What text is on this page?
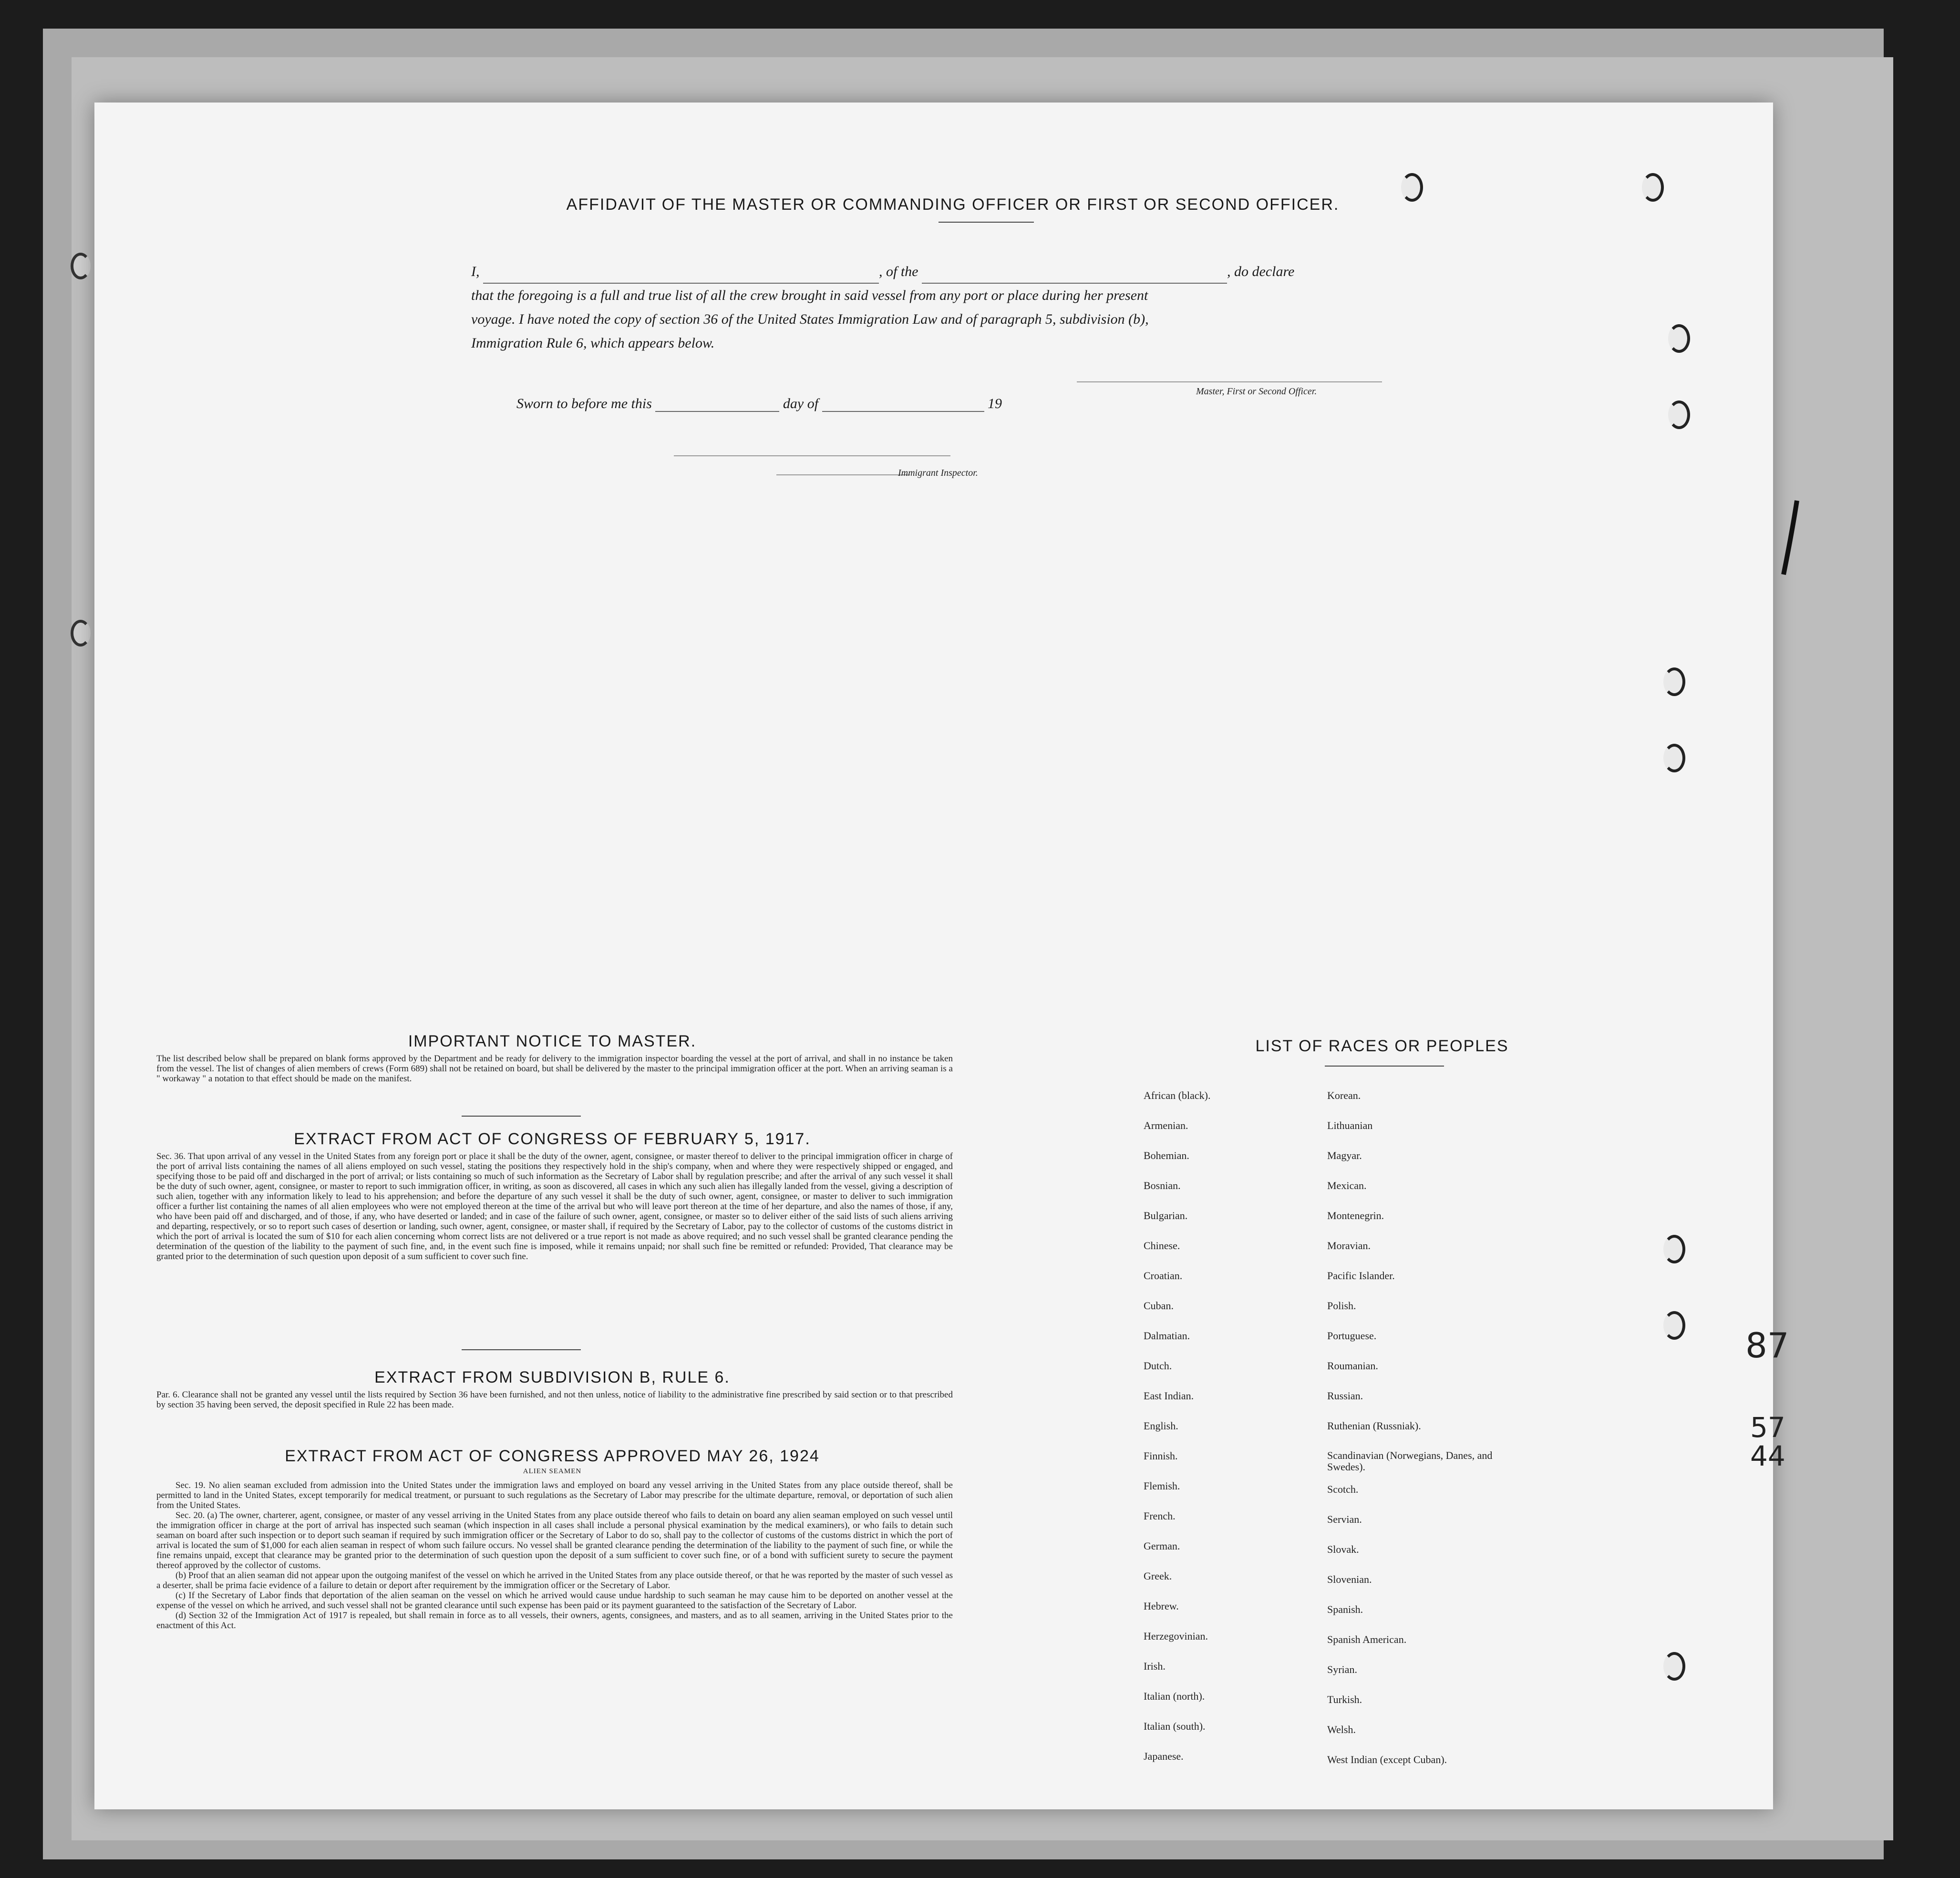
AFFIDAVIT OF THE MASTER OR COMMANDING OFFICER OR FIRST OR SECOND OFFICER.
I,	, of the	, do declare
that the foregoing is a full and true list of all the crew brought in said vessel from any port or place during her present
voyage. I have noted the copy of section 36 of the United States Immigration Law and of paragraph 5, subdivision (b),
Immigration Rule 6, which appears below.
Master, First or Second Officer.
Sworn to before me this	day of	19
Immigrant Inspector.
IMPORTANT NOTICE TO MASTER.
The list described below shall be prepared on blank forms approved by the Department and be ready for delivery to the immigration inspector boarding the vessel at the port of arrival, and shall in no instance be taken from the vessel. The list of changes of alien members of crews (Form 689) shall not be retained on board, but shall be delivered by the master to the principal immigration officer at the port. When an arriving seaman is a " workaway " a notation to that effect should be made on the manifest.
EXTRACT FROM ACT OF CONGRESS OF FEBRUARY 5, 1917.
Sec. 36. That upon arrival of any vessel in the United States from any foreign port or place it shall be the duty of the owner, agent, consignee, or master thereof to deliver to the principal immigration officer in charge of the port of arrival lists containing the names of all aliens employed on such vessel, stating the positions they respectively hold in the ship's company, when and where they were respectively shipped or engaged, and specifying those to be paid off and discharged in the port of arrival; or lists containing so much of such information as the Secretary of Labor shall by regulation prescribe; and after the arrival of any such vessel it shall be the duty of such owner, agent, consignee, or master to report to such immigration officer, in writing, as soon as discovered, all cases in which any such alien has illegally landed from the vessel, giving a description of such alien, together with any information likely to lead to his apprehension; and before the departure of any such vessel it shall be the duty of such owner, agent, consignee, or master to deliver to such immigration officer a further list containing the names of all alien employees who were not employed thereon at the time of the arrival but who will leave port thereon at the time of her departure, and also the names of those, if any, who have been paid off and discharged, and of those, if any, who have deserted or landed; and in case of the failure of such owner, agent, consignee, or master so to deliver either of the said lists of such aliens arriving and departing, respectively, or so to report such cases of desertion or landing, such owner, agent, consignee, or master shall, if required by the Secretary of Labor, pay to the collector of customs of the customs district in which the port of arrival is located the sum of $10 for each alien concerning whom correct lists are not delivered or a true report is not made as above required; and no such vessel shall be granted clearance pending the determination of the question of the liability to the payment of such fine, and, in the event such fine is imposed, while it remains unpaid; nor shall such fine be remitted or refunded: Provided, That clearance may be granted prior to the determination of such question upon deposit of a sum sufficient to cover such fine.
EXTRACT FROM SUBDIVISION B, RULE 6.
Par. 6. Clearance shall not be granted any vessel until the lists required by Section 36 have been furnished, and not then unless, notice of liability to the administrative fine prescribed by said section or to that prescribed by section 35 having been served, the deposit specified in Rule 22 has been made.
EXTRACT FROM ACT OF CONGRESS APPROVED MAY 26, 1924
ALIEN SEAMEN
Sec. 19. No alien seaman excluded from admission into the United States under the immigration laws and employed on board any vessel arriving in the United States from any place outside thereof, shall be permitted to land in the United States, except temporarily for medical treatment, or pursuant to such regulations as the Secretary of Labor may prescribe for the ultimate departure, removal, or deportation of such alien from the United States.
Sec. 20. (a) The owner, charterer, agent, consignee, or master of any vessel arriving in the United States from any place outside thereof who fails to detain on board any alien seaman employed on such vessel until the immigration officer in charge at the port of arrival has inspected such seaman (which inspection in all cases shall include a personal physical examination by the medical examiners), or who fails to detain such seaman on board after such inspection or to deport such seaman if required by such immigration officer or the Secretary of Labor to do so, shall pay to the collector of customs of the customs district in which the port of arrival is located the sum of $1,000 for each alien seaman in respect of whom such failure occurs. No vessel shall be granted clearance pending the determination of the liability to the payment of such fine, or while the fine remains unpaid, except that clearance may be granted prior to the determination of such question upon the deposit of a sum sufficient to cover such fine, or of a bond with sufficient surety to secure the payment thereof approved by the collector of customs.
(b) Proof that an alien seaman did not appear upon the outgoing manifest of the vessel on which he arrived in the United States from any place outside thereof, or that he was reported by the master of such vessel as a deserter, shall be prima facie evidence of a failure to detain or deport after requirement by the immigration officer or the Secretary of Labor.
(c) If the Secretary of Labor finds that deportation of the alien seaman on the vessel on which he arrived would cause undue hardship to such seaman he may cause him to be deported on another vessel at the expense of the vessel on which he arrived, and such vessel shall not be granted clearance until such expense has been paid or its payment guaranteed to the satisfaction of the Secretary of Labor.
(d) Section 32 of the Immigration Act of 1917 is repealed, but shall remain in force as to all vessels, their owners, agents, consignees, and masters, and as to all seamen, arriving in the United States prior to the enactment of this Act.
LIST OF RACES OR PEOPLES
African (black).
Armenian.
Bohemian.
Bosnian.
Bulgarian.
Chinese.
Croatian.
Cuban.
Dalmatian.
Dutch.
East Indian.
English.
Finnish.
Flemish.
French.
German.
Greek.
Hebrew.
Herzegovinian.
Irish.
Italian (north).
Italian (south).
Japanese.
Korean.
Lithuanian
Magyar.
Mexican.
Montenegrin.
Moravian.
Pacific Islander.
Polish.
Portuguese.
Roumanian.
Russian.
Ruthenian (Russniak).
Scandinavian (Norwegians, Danes, and Swedes).
Scotch.
Servian.
Slovak.
Slovenian.
Spanish.
Spanish American.
Syrian.
Turkish.
Welsh.
West Indian (except Cuban).
87
57
44
